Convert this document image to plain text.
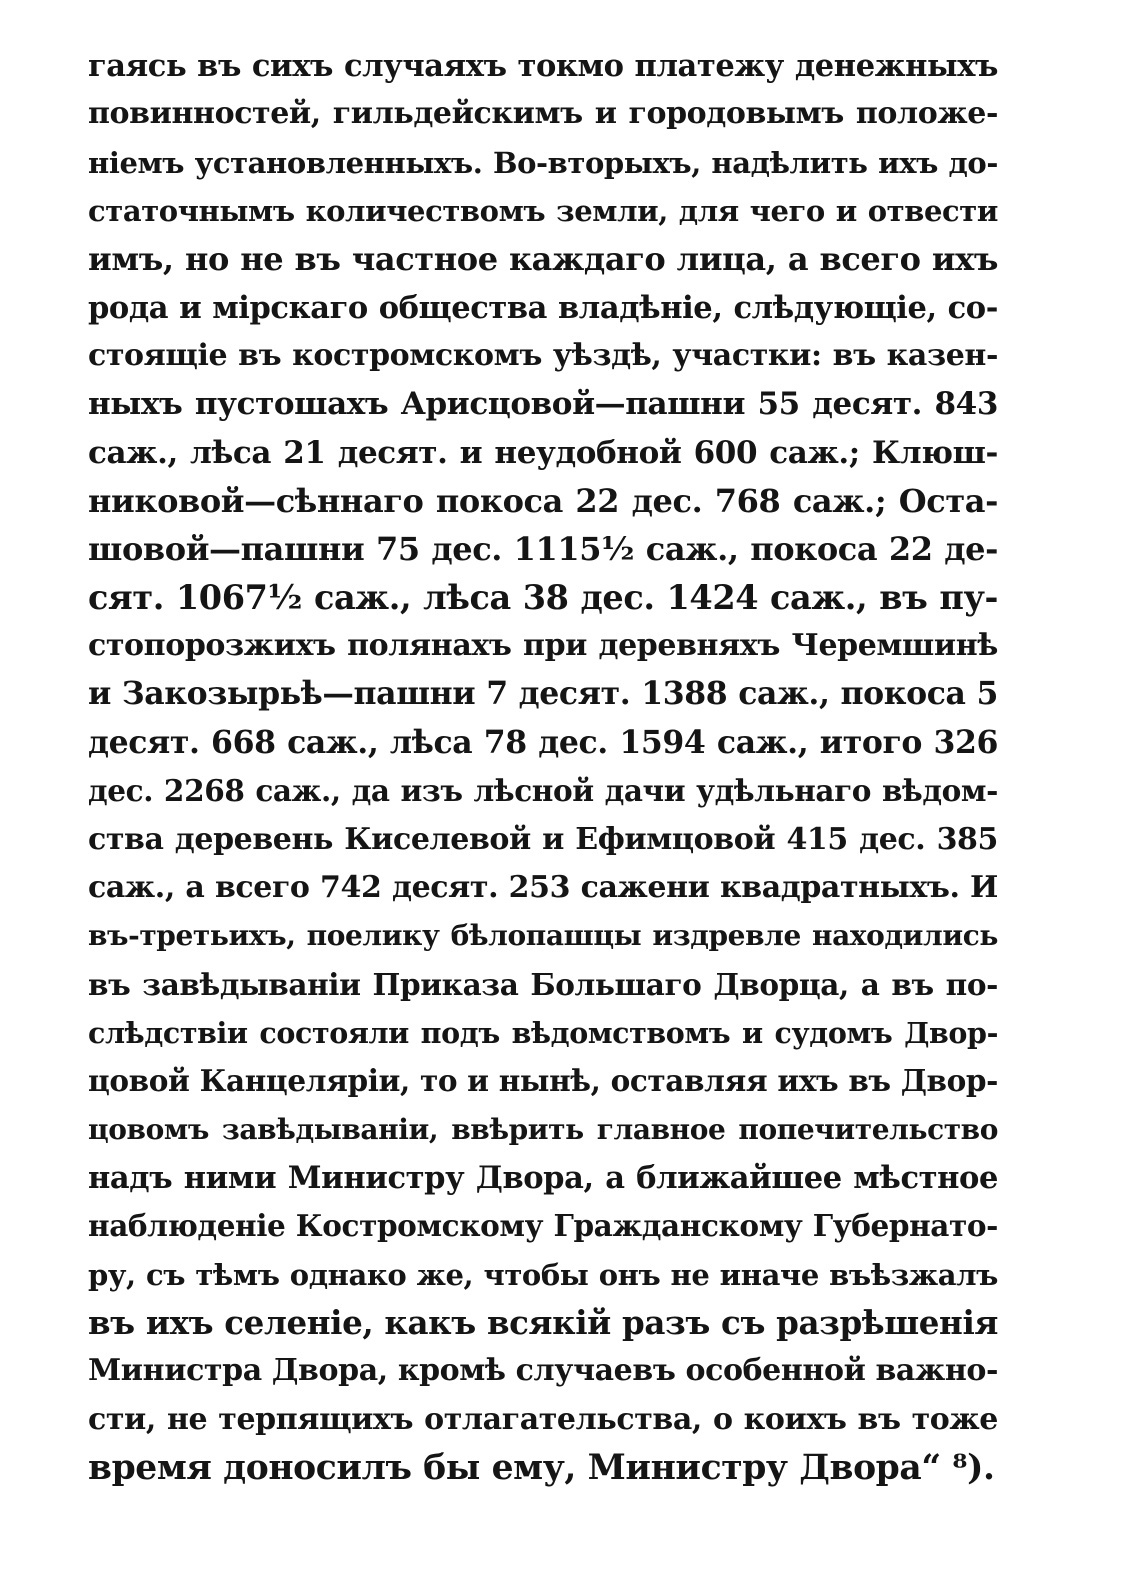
гаясь въ сихъ случаяхъ токмо платежу денежныхъ
повинностей, гильдейскимъ и городовымъ положе-
ніемъ установленныхъ. Во-вторыхъ, надѣлить ихъ до-
статочнымъ количествомъ земли, для чего и отвести
имъ, но не въ частное каждаго лица, а всего ихъ
рода и мірскаго общества владѣніе, слѣдующіе, со-
стоящіе въ костромскомъ уѣздѣ, участки: въ казен-
ныхъ пустошахъ Арисцовой—пашни 55 десят. 843
саж., лѣса 21 десят. и неудобной 600 саж.; Клюш-
никовой—сѣннаго покоса 22 дес. 768 саж.; Оста-
шовой—пашни 75 дес. 1115½ саж., покоса 22 де-
сят. 1067½ саж., лѣса 38 дес. 1424 саж., въ пу-
стопорозжихъ полянахъ при деревняхъ Черемшинѣ
и Закозырьѣ—пашни 7 десят. 1388 саж., покоса 5
десят. 668 саж., лѣса 78 дес. 1594 саж., итого 326
дес. 2268 саж., да изъ лѣсной дачи удѣльнаго вѣдом-
ства деревень Киселевой и Ефимцовой 415 дес. 385
саж., а всего 742 десят. 253 сажени квадратныхъ. И
въ-третьихъ, поелику бѣлопашцы издревле находились
въ завѣдываніи Приказа Большаго Дворца, а въ по-
слѣдствіи состояли подъ вѣдомствомъ и судомъ Двор-
цовой Канцеляріи, то и нынѣ, оставляя ихъ въ Двор-
цовомъ завѣдываніи, ввѣрить главное попечительство
надъ ними Министру Двора, а ближайшее мѣстное
наблюденіе Костромскому Гражданскому Губернато-
ру, съ тѣмъ однако же, чтобы онъ не иначе въѣзжалъ
въ ихъ селеніе, какъ всякій разъ съ разрѣшенія
Министра Двора, кромѣ случаевъ особенной важно-
сти, не терпящихъ отлагательства, о коихъ въ тоже
время доносилъ бы ему, Министру Двора“ ⁸).
